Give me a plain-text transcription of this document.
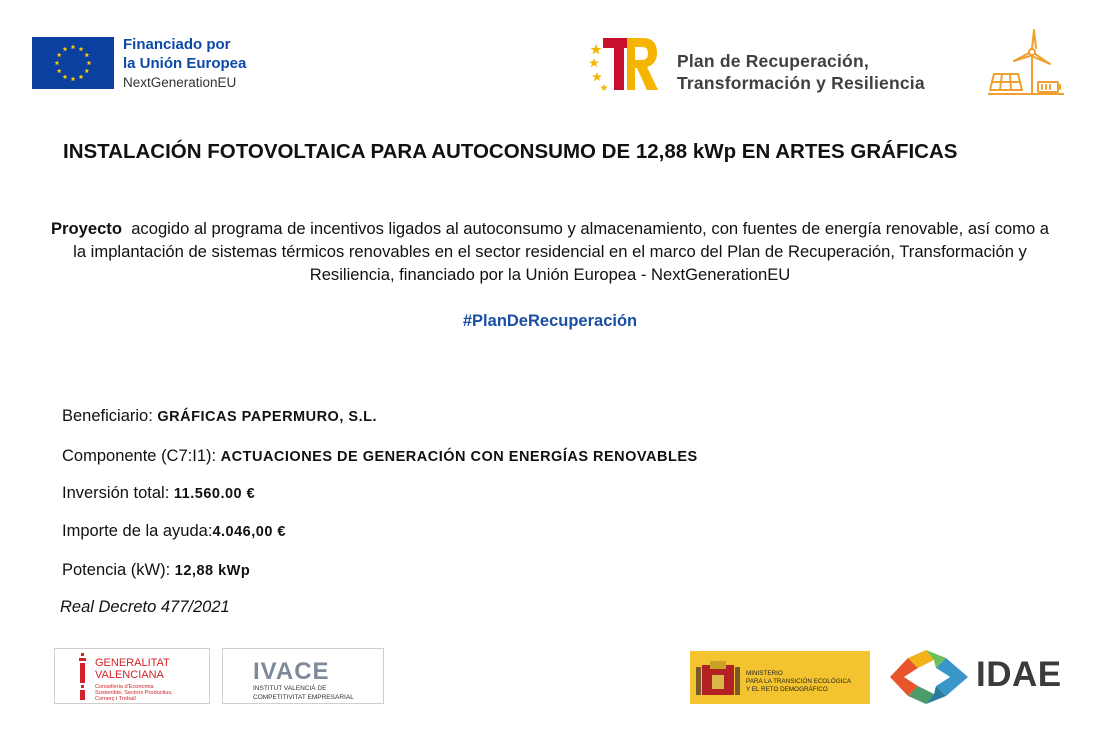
Financiado por
la Unión Europea
NextGenerationEU
Plan de Recuperación,
Transformación y Resiliencia
INSTALACIÓN FOTOVOLTAICA PARA AUTOCONSUMO DE 12,88 kWp EN ARTES GRÁFICAS
Proyecto acogido al programa de incentivos ligados al autoconsumo y almacenamiento, con fuentes de energía renovable, así como a la implantación de sistemas térmicos renovables en el sector residencial en el marco del Plan de Recuperación, Transformación y Resiliencia, financiado por la Unión Europea - NextGenerationEU
#PlanDeRecuperación
Beneficiario: GRÁFICAS PAPERMURO, S.L.
Componente (C7:I1): ACTUACIONES DE GENERACIÓN CON ENERGÍAS RENOVABLES
Inversión total: 11.560.00 €
Importe de la ayuda:4.046,00 €
Potencia (kW): 12,88 kWp
Real Decreto 477/2021
GENERALITAT
VALENCIANA
Conselleria d'Economia
Sostenible, Sectors Productius,
Comerç i Treball
IVACE
INSTITUT VALENCIÀ DE
COMPETITIVITAT EMPRESARIAL
MINISTERIO
PARA LA TRANSICIÓN ECOLÓGICA
Y EL RETO DEMOGRÁFICO	IDAE
